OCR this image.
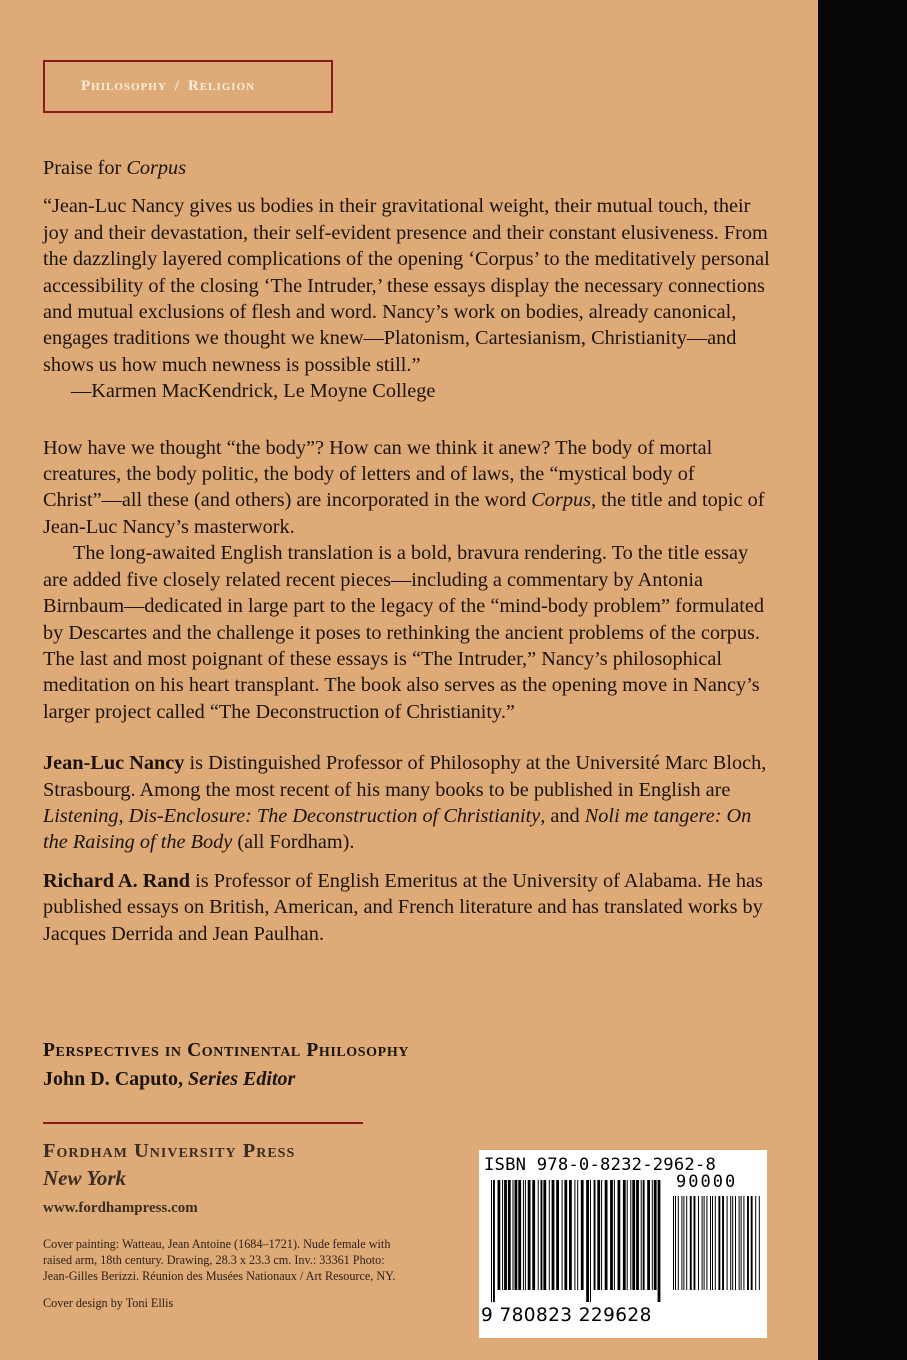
Philosophy / Religion

Praise for Corpus

“Jean-Luc Nancy gives us bodies in their gravitational weight, their mutual touch, their joy and their devastation, their self-evident presence and their constant elusiveness. From the dazzlingly layered complications of the opening ‘Corpus’ to the meditatively personal accessibility of the closing ‘The Intruder,’ these essays display the necessary connections and mutual exclusions of flesh and word. Nancy’s work on bodies, already canonical, engages traditions we thought we knew—Platonism, Cartesianism, Christianity—and shows us how much newness is possible still.”

—Karmen MacKendrick, Le Moyne College

How have we thought “the body”? How can we think it anew? The body of mortal creatures, the body politic, the body of letters and of laws, the “mystical body of Christ”—all these (and others) are incorporated in the word Corpus, the title and topic of Jean-Luc Nancy’s masterwork.

The long-awaited English translation is a bold, bravura rendering. To the title essay are added five closely related recent pieces—including a commentary by Antonia Birnbaum—dedicated in large part to the legacy of the “mind-body problem” formulated by Descartes and the challenge it poses to rethinking the ancient problems of the corpus. The last and most poignant of these essays is “The Intruder,” Nancy’s philosophical meditation on his heart transplant. The book also serves as the opening move in Nancy’s larger project called “The Deconstruction of Christianity.”

Jean-Luc Nancy is Distinguished Professor of Philosophy at the Université Marc Bloch, Strasbourg. Among the most recent of his many books to be published in English are Listening, Dis-Enclosure: The Deconstruction of Christianity, and Noli me tangere: On the Raising of the Body (all Fordham).

Richard A. Rand is Professor of English Emeritus at the University of Alabama. He has published essays on British, American, and French literature and has translated works by Jacques Derrida and Jean Paulhan.

Perspectives in Continental Philosophy
John D. Caputo, Series Editor
Fordham University Press
New York
www.fordhampress.com
Cover painting: Watteau, Jean Antoine (1684–1721). Nude female with raised arm, 18th century. Drawing, 28.3 x 23.3 cm. Inv.: 33361 Photo: Jean-Gilles Berizzi. Réunion des Musées Nationaux / Art Resource, NY.
Cover design by Toni Ellis
ISBN 978-0-8232-2962-8
90000
9 780823 229628
